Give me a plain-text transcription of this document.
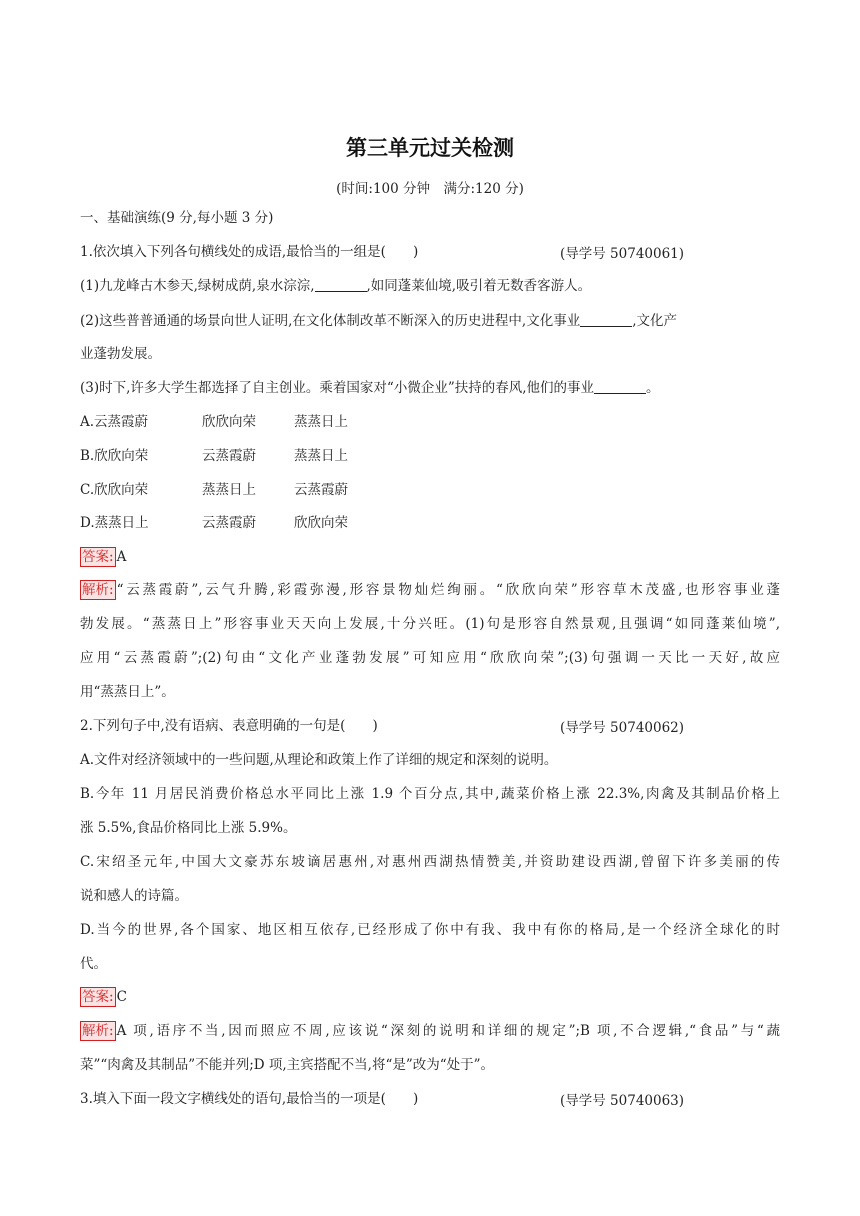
第三单元过关检测
(时间:100 分钟　满分:120 分)
一、基础演练(9 分,每小题 3 分)
1.依次填入下列各句横线处的成语,最恰当的一组是(　　)	(导学号 50740061)
(1)九龙峰古木参天,绿树成荫,泉水淙淙,	,如同蓬莱仙境,吸引着无数香客游人。
(2)这些普普通通的场景向世人证明,在文化体制改革不断深入的历史进程中,文化事业	,文化产
业蓬勃发展。
(3)时下,许多大学生都选择了自主创业。乘着国家对“小微企业”扶持的春风,他们的事业	。
A.云蒸霞蔚	欣欣向荣	蒸蒸日上
B.欣欣向荣	云蒸霞蔚	蒸蒸日上
C.欣欣向荣	蒸蒸日上	云蒸霞蔚
D.蒸蒸日上	云蒸霞蔚	欣欣向荣
答案: A
解析: “云蒸霞蔚”,云气升腾,彩霞弥漫,形容景物灿烂绚丽。“欣欣向荣”形容草木茂盛,也形容事业蓬
勃发展。“蒸蒸日上”形容事业天天向上发展,十分兴旺。(1)句是形容自然景观,且强调“如同蓬莱仙境”,
应用“云蒸霞蔚”;(2)句由“文化产业蓬勃发展”可知应用“欣欣向荣”;(3)句强调一天比一天好,故应
用“蒸蒸日上”。
2.下列句子中,没有语病、表意明确的一句是(　　)	(导学号 50740062)
A.文件对经济领域中的一些问题,从理论和政策上作了详细的规定和深刻的说明。
B.今年 11 月居民消费价格总水平同比上涨 1.9 个百分点,其中,蔬菜价格上涨 22.3%,肉禽及其制品价格上
涨 5.5%,食品价格同比上涨 5.9%。
C.宋绍圣元年,中国大文豪苏东坡谪居惠州,对惠州西湖热情赞美,并资助建设西湖,曾留下许多美丽的传
说和感人的诗篇。
D.当今的世界,各个国家、地区相互依存,已经形成了你中有我、我中有你的格局,是一个经济全球化的时
代。
答案: C
解析: A 项,语序不当,因而照应不周,应该说“深刻的说明和详细的规定”;B 项,不合逻辑,“食品”与“蔬
菜”“肉禽及其制品”不能并列;D 项,主宾搭配不当,将“是”改为“处于”。
3.填入下面一段文字横线处的语句,最恰当的一项是(　　)	(导学号 50740063)
